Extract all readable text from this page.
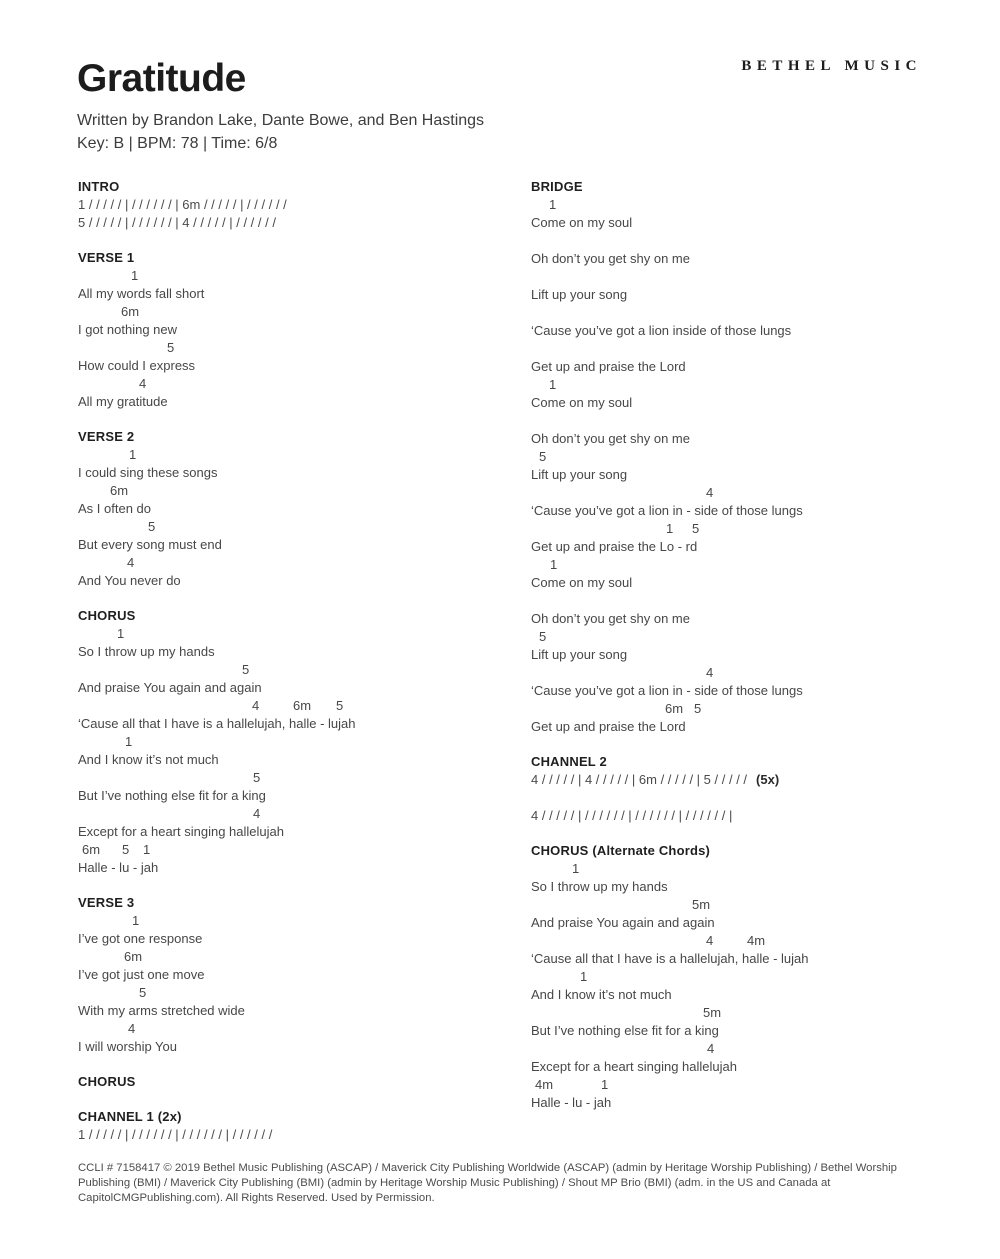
BETHEL MUSIC
Gratitude
Written by Brandon Lake, Dante Bowe, and Ben Hastings
Key: B | BPM: 78 | Time: 6/8
INTRO
1 / / / / / | / / / / / / | 6m / / / / / | / / / / / /
5 / / / / / | / / / / / / | 4 / / / / / | / / / / / /
VERSE 1
1
All my words fall short
6m
I got nothing new
5
How could I express
4
All my gratitude
VERSE 2
1
I could sing these songs
6m
As I often do
5
But every song must end
4
And You never do
CHORUS
1
So I throw up my hands
5
And praise You again and again
4	6m 5
‘Cause all that I have is a hallelujah, halle - lujah
1
And I know it’s not much
5
But I’ve nothing else fit for a king
4
Except for a heart singing hallelujah
6m 5 1
Halle - lu - jah
VERSE 3
1
I’ve got one response
6m
I’ve got just one move
5
With my arms stretched wide
4
I will worship You
CHORUS
CHANNEL 1 (2x)
1 / / / / / | / / / / / / | / / / / / / | / / / / / /
BRIDGE
1
Come on my soul
Oh don’t you get shy on me
Lift up your song
‘Cause you’ve got a lion inside of those lungs
Get up and praise the Lord
1
Come on my soul
Oh don’t you get shy on me
5
Lift up your song
4
‘Cause you’ve got a lion in - side of those lungs
1 5
Get up and praise the Lo - rd
1
Come on my soul
Oh don’t you get shy on me
5
Lift up your song
4
‘Cause you’ve got a lion in - side of those lungs
6m 5
Get up and praise the Lord
CHANNEL 2
4 / / / / / | 4 / / / / / | 6m / / / / / | 5 / / / / / (5x)
4 / / / / / | / / / / / / | / / / / / / | / / / / / / |
CHORUS (Alternate Chords)
1
So I throw up my hands
5m
And praise You again and again
4	4m
‘Cause all that I have is a hallelujah, halle - lujah
1
And I know it’s not much
5m
But I’ve nothing else fit for a king
4
Except for a heart singing hallelujah
4m	1
Halle - lu - jah
CCLI # 7158417 © 2019 Bethel Music Publishing (ASCAP) / Maverick City Publishing Worldwide (ASCAP) (admin by Heritage Worship Publishing) / Bethel Worship Publishing (BMI) / Maverick City Publishing (BMI) (admin by Heritage Worship Music Publishing) / Shout MP Brio (BMI) (adm. in the US and Canada at CapitolCMGPublishing.com). All Rights Reserved. Used by Permission.
